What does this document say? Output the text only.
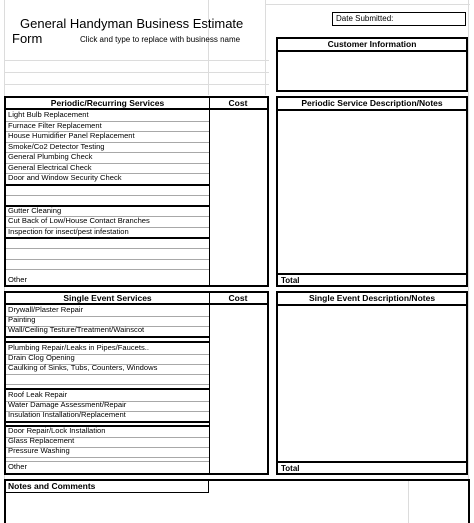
General Handyman Business Estimate
Form	Click and type to replace with business name
Date Submitted:
Customer Information
Periodic/Recurring Services	Cost
Light Bulb Replacement
Furnace Filter Replacement
House Humidifier Panel Replacement
Smoke/Co2 Detector Testing
General Plumbing Check
General Electrical Check
Door and Window Security Check
Gutter Cleaning
Cut Back of Low/House Contact Branches
Inspection for insect/pest infestation
Other
Periodic Service Description/Notes
Total
Single Event Services	Cost
Drywall/Plaster Repair
Painting
Wall/Ceiling Testure/Treatment/Wainscot
Plumbing Repair/Leaks in Pipes/Faucets..
Drain Clog Opening
Caulking of Sinks, Tubs, Counters, Windows
Roof Leak Repair
Water Damage Assessment/Repair
Insulation Installation/Replacement
Door Repair/Lock Installation
Glass Replacement
Pressure Washing
Other
Single Event Description/Notes
Total
Notes and Comments
